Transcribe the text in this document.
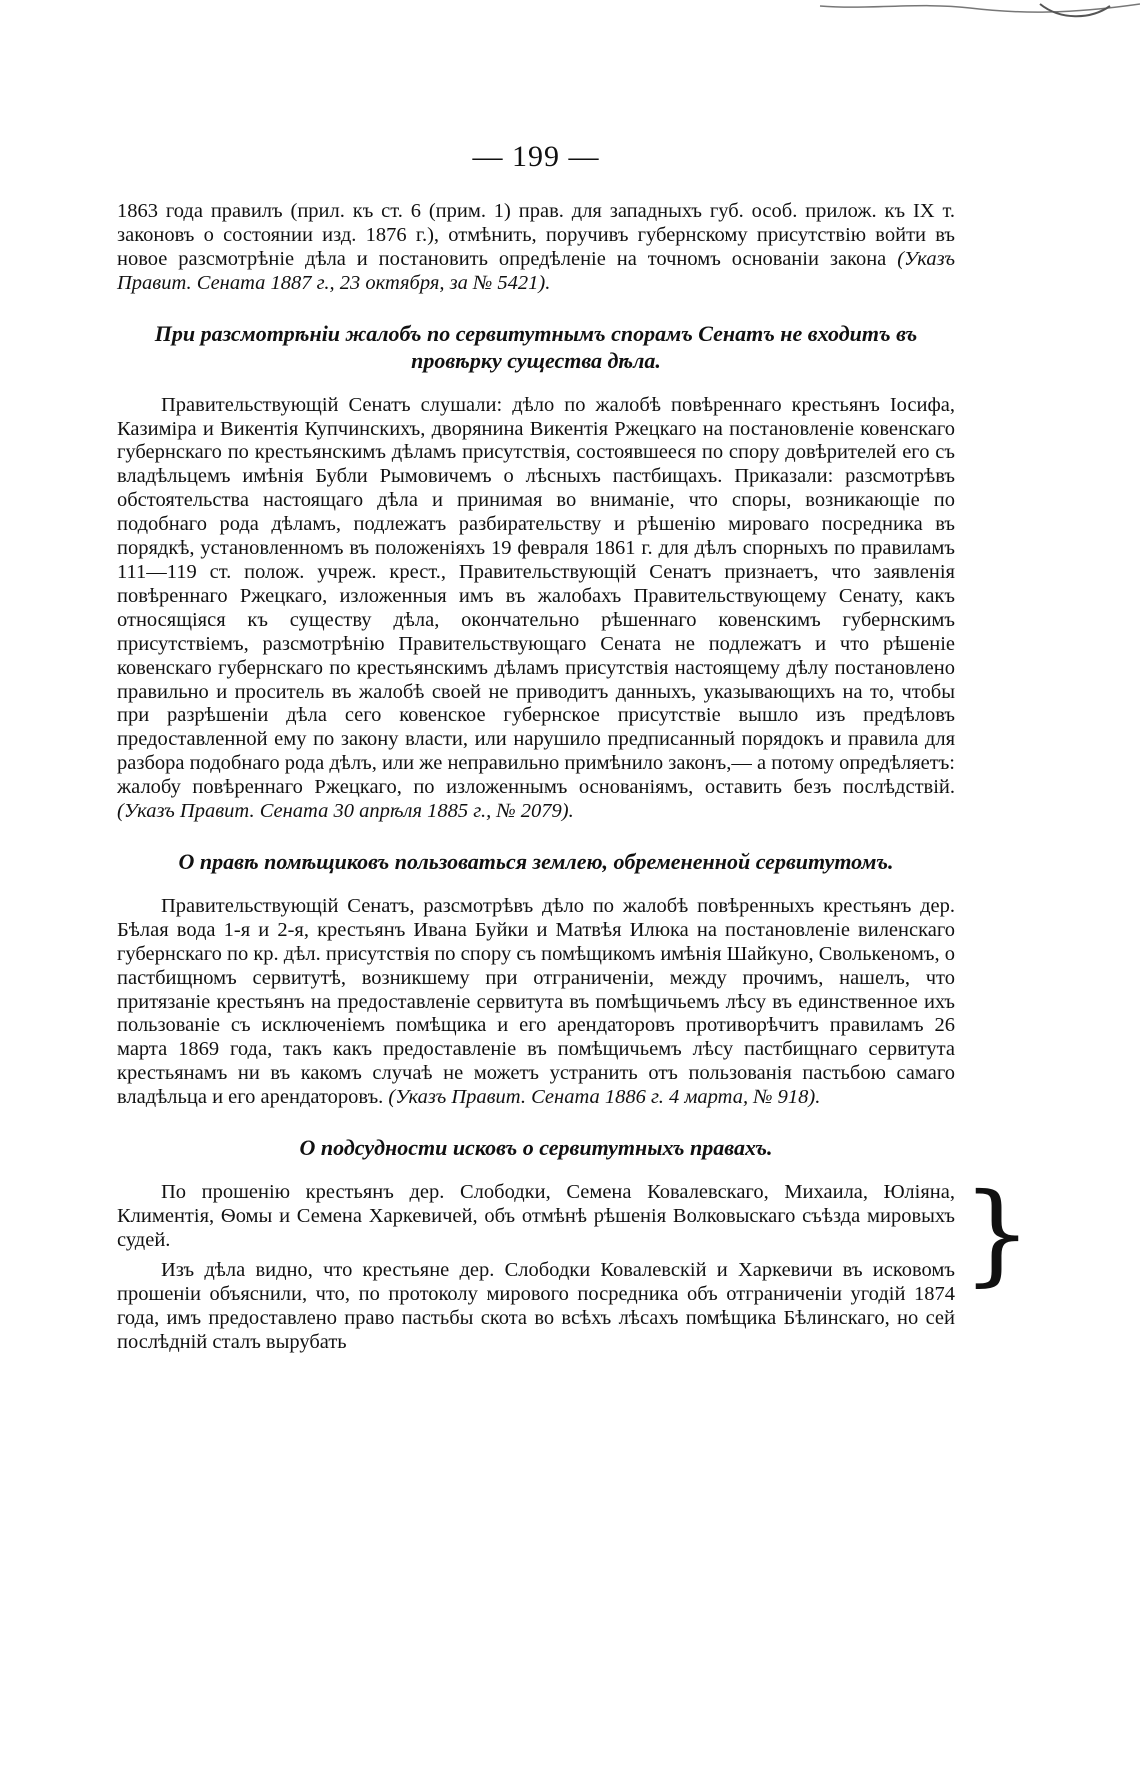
— 199 —

1863 года правилъ (прил. къ ст. 6 (прим. 1) прав. для западныхъ губ. особ. прилож. къ IX т. законовъ о состоянии изд. 1876 г.), отмѣнить, поручивъ губернскому присутствію войти въ новое разсмотрѣніе дѣла и постановить опредѣленіе на точномъ основаніи закона (Указъ Правит. Сената 1887 г., 23 октября, за № 5421).

При разсмотрѣніи жалобъ по сервитутнымъ спорамъ Сенатъ не входитъ въ провѣрку существа дѣла.

Правительствующій Сенатъ слушали: дѣло по жалобѣ повѣреннаго крестьянъ Іосифа, Казиміра и Викентія Купчинскихъ, дворянина Викентія Ржецкаго на постановленіе ковенскаго губернскаго по крестьянскимъ дѣламъ присутствія, состоявшееся по спору довѣрителей его съ владѣльцемъ имѣнія Бубли Рымовичемъ о лѣсныхъ пастбищахъ. Приказали: разсмотрѣвъ обстоятельства настоящаго дѣла и принимая во вниманіе, что споры, возникающіе по подобнаго рода дѣламъ, подлежатъ разбирательству и рѣшенію мироваго посредника въ порядкѣ, установленномъ въ положеніяхъ 19 февраля 1861 г. для дѣлъ спорныхъ по правиламъ 111—119 ст. полож. учреж. крест., Правительствующій Сенатъ признаетъ, что заявленія повѣреннаго Ржецкаго, изложенныя имъ въ жалобахъ Правительствующему Сенату, какъ относящіяся къ существу дѣла, окончательно рѣшеннаго ковенскимъ губернскимъ присутствіемъ, разсмотрѣнію Правительствующаго Сената не подлежатъ и что рѣшеніе ковенскаго губернскаго по крестьянскимъ дѣламъ присутствія настоящему дѣлу постановлено правильно и проситель въ жалобѣ своей не приводитъ данныхъ, указывающихъ на то, чтобы при разрѣшеніи дѣла сего ковенское губернское присутствіе вышло изъ предѣловъ предоставленной ему по закону власти, или нарушило предписанный порядокъ и правила для разбора подобнаго рода дѣлъ, или же неправильно примѣнило законъ,— а потому опредѣляетъ: жалобу повѣреннаго Ржецкаго, по изложеннымъ основаніямъ, оставить безъ послѣдствій. (Указъ Правит. Сената 30 апрѣля 1885 г., № 2079).

О правѣ помѣщиковъ пользоваться землею, обремененной сервитутомъ.

Правительствующій Сенатъ, разсмотрѣвъ дѣло по жалобѣ повѣренныхъ крестьянъ дер. Бѣлая вода 1-я и 2-я, крестьянъ Ивана Буйки и Матвѣя Илюка на постановленіе виленскаго губернскаго по кр. дѣл. присутствія по спору съ помѣщикомъ имѣнія Шайкуно, Сволькеномъ, о пастбищномъ сервитутѣ, возникшему при отграниченіи, между прочимъ, нашелъ, что притязаніе крестьянъ на предоставленіе сервитута въ помѣщичьемъ лѣсу въ единственное ихъ пользованіе съ исключеніемъ помѣщика и его арендаторовъ противорѣчитъ правиламъ 26 марта 1869 года, такъ какъ предоставленіе въ помѣщичьемъ лѣсу пастбищнаго сервитута крестьянамъ ни въ какомъ случаѣ не можетъ устранить отъ пользованія пастьбою самаго владѣльца и его арендаторовъ. (Указъ Правит. Сената 1886 г. 4 марта, № 918).

О подсудности исковъ о сервитутныхъ правахъ.

По прошенію крестьянъ дер. Слободки, Семена Ковалевскаго, Михаила, Юліяна, Климентія, Ѳомы и Семена Харкевичей, объ отмѣнѣ рѣшенія Волковыскаго съѣзда мировыхъ судей.

Изъ дѣла видно, что крестьяне дер. Слободки Ковалевскій и Харкевичи въ исковомъ прошеніи объяснили, что, по протоколу мирового посредника объ отграниченіи угодій 1874 года, имъ предоставлено право пастьбы скота во всѣхъ лѣсахъ помѣщика Бѣлинскаго, но сей послѣдній сталъ вырубать

}
